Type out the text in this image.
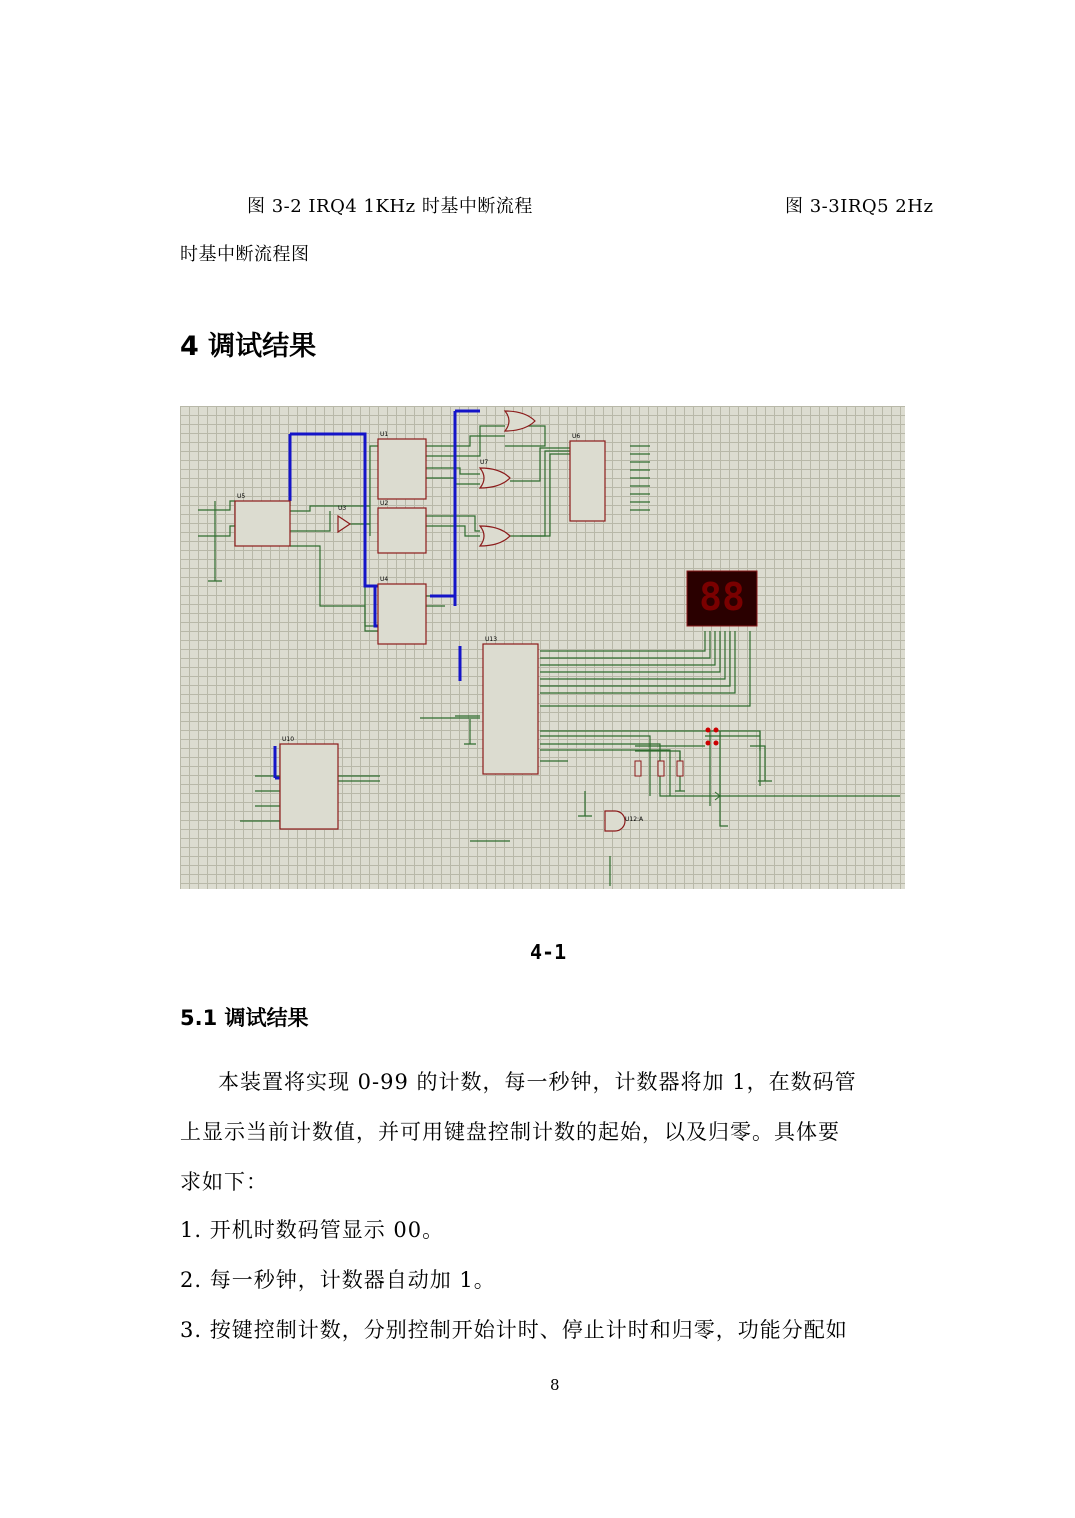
图 3-2 IRQ4 1KHz 时基中断流程	图 3-3IRQ5 2Hz
时基中断流程图
4 调试结果
88
U5
U1
U2
U3
U4
U6
U7
U13
U10
U12:A
4-1
5.1 调试结果
本装置将实现 0-99 的计数，每一秒钟，计数器将加 1，在数码管
上显示当前计数值，并可用键盘控制计数的起始，以及归零。具体要
求如下：
1. 开机时数码管显示 00。
2. 每一秒钟，计数器自动加 1。
3. 按键控制计数，分别控制开始计时、停止计时和归零，功能分配如
8
